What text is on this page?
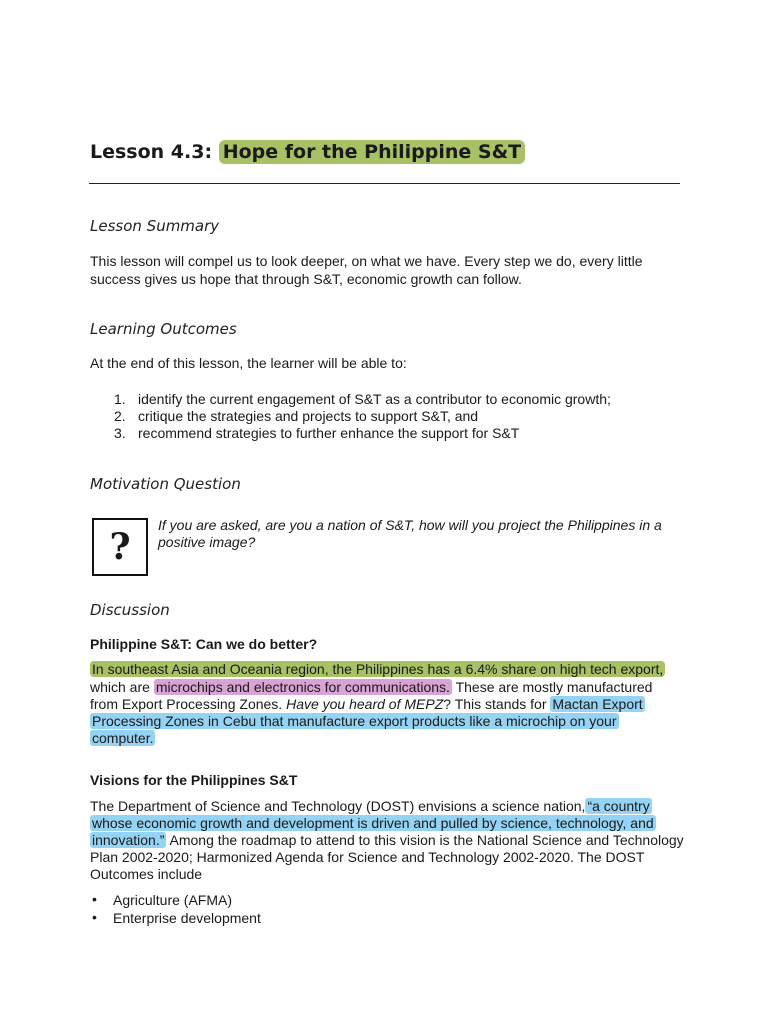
Lesson 4.3: Hope for the Philippine S&T
Lesson Summary
This lesson will compel us to look deeper, on what we have. Every step we do, every little
success gives us hope that through S&T, economic growth can follow.
Learning Outcomes
At the end of this lesson, the learner will be able to:
1. identify the current engagement of S&T as a contributor to economic growth;
2. critique the strategies and projects to support S&T, and
3. recommend strategies to further enhance the support for S&T
Motivation Question
?
If you are asked, are you a nation of S&T, how will you project the Philippines in a
positive image?
Discussion
Philippine S&T: Can we do better?
In southeast Asia and Oceania region, the Philippines has a 6.4% share on high tech export,
which are microchips and electronics for communications. These are mostly manufactured
from Export Processing Zones. Have you heard of MEPZ? This stands for Mactan Export
Processing Zones in Cebu that manufacture export products like a microchip on your
computer.
Visions for the Philippines S&T
The Department of Science and Technology (DOST) envisions a science nation, “a country
whose economic growth and development is driven and pulled by science, technology, and
innovation.” Among the roadmap to attend to this vision is the National Science and Technology
Plan 2002-2020; Harmonized Agenda for Science and Technology 2002-2020. The DOST
Outcomes include
• Agriculture (AFMA)
• Enterprise development
